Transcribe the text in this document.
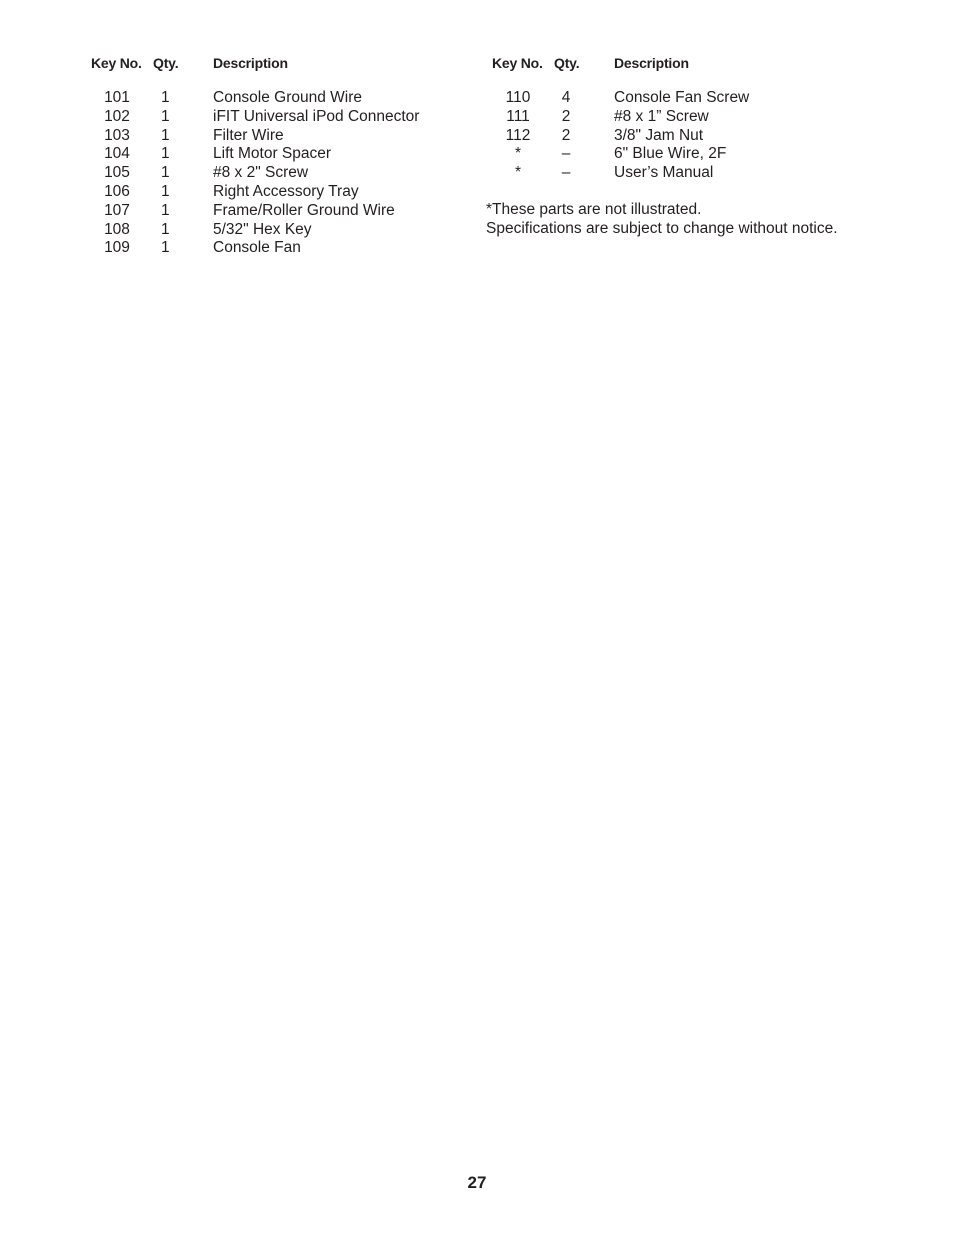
Key No. Qty. Description
101	1	Console Ground Wire
102	1	iFIT Universal iPod Connector
103	1	Filter Wire
104	1	Lift Motor Spacer
105	1	#8 x 2" Screw
106	1	Right Accessory Tray
107	1	Frame/Roller Ground Wire
108	1	5/32" Hex Key
109	1	Console Fan
Key No. Qty. Description
110	4	Console Fan Screw
111	2	#8 x 1” Screw
112	2	3/8" Jam Nut
*	–	6" Blue Wire, 2F
*	–	User’s Manual
*These parts are not illustrated.
Specifications are subject to change without notice.
27
